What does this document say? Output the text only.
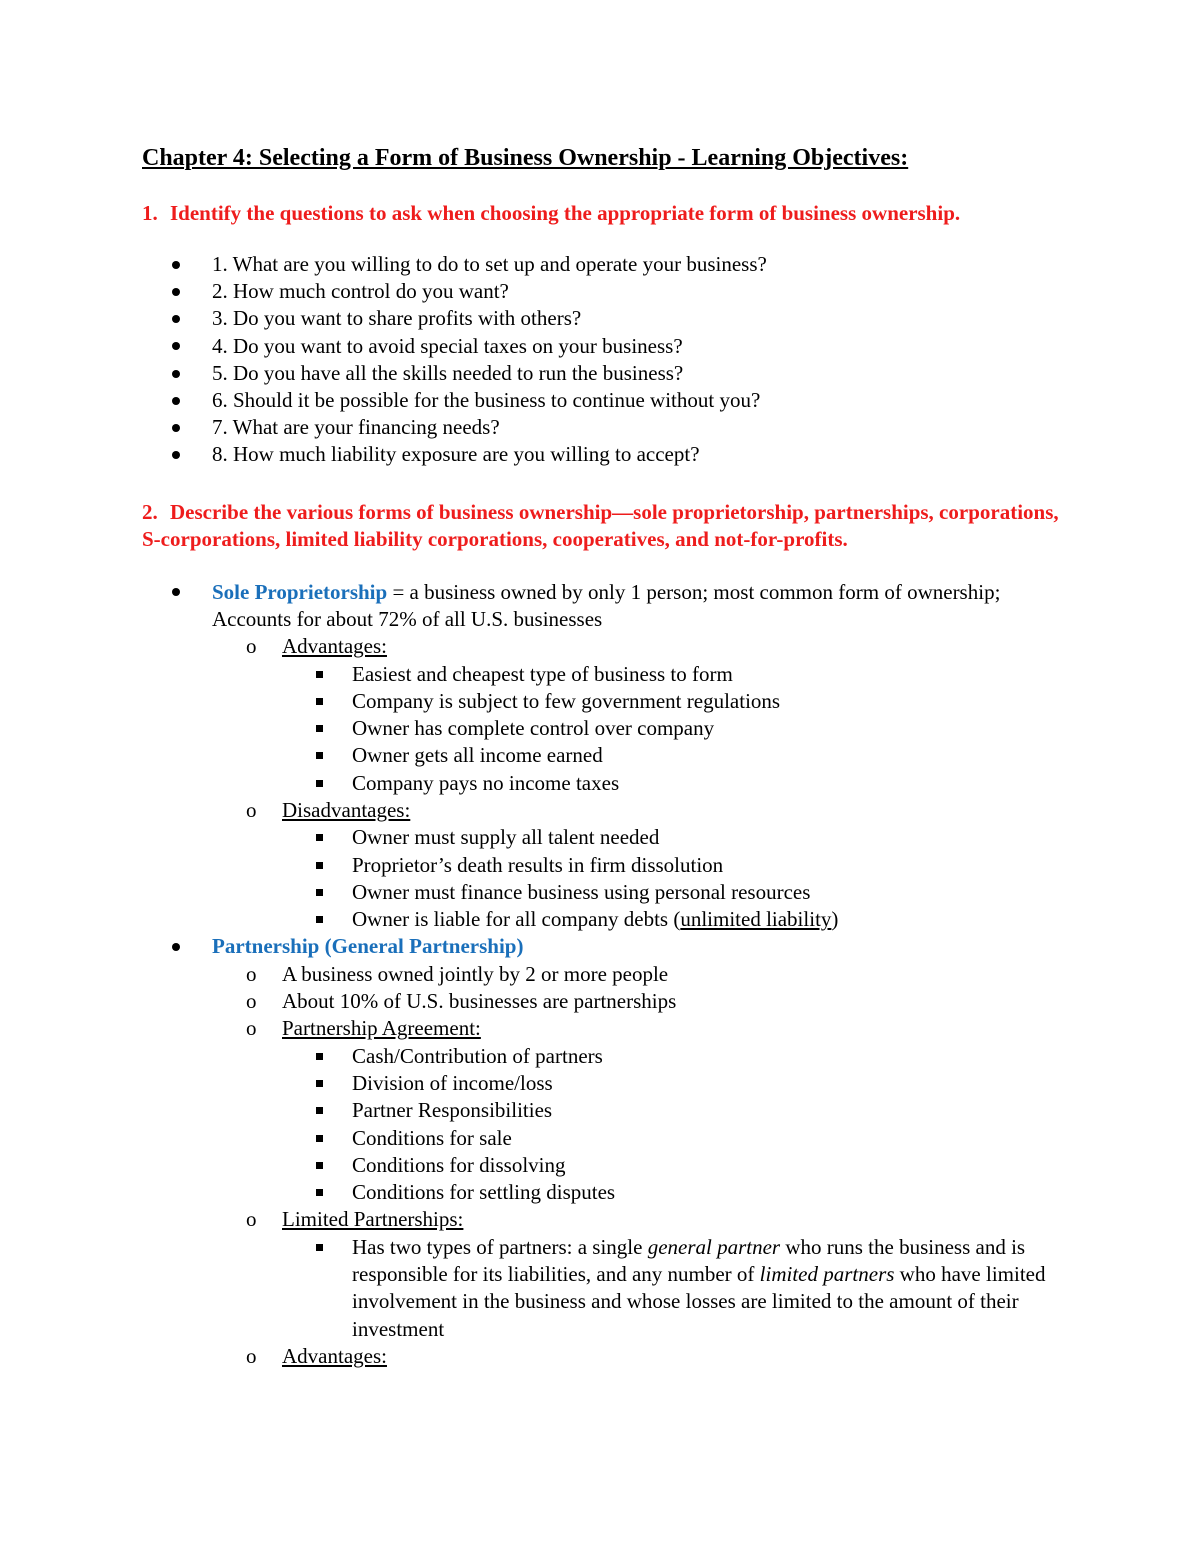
Chapter 4: Selecting a Form of Business Ownership - Learning Objectives:

1. Identify the questions to ask when choosing the appropriate form of business ownership.

1. What are you willing to do to set up and operate your business?
2. How much control do you want?
3. Do you want to share profits with others?
4. Do you want to avoid special taxes on your business?
5. Do you have all the skills needed to run the business?
6. Should it be possible for the business to continue without you?
7. What are your financing needs?
8. How much liability exposure are you willing to accept?

2. Describe the various forms of business ownership—sole proprietorship, partnerships, corporations, S-corporations, limited liability corporations, cooperatives, and not-for-profits.

Sole Proprietorship = a business owned by only 1 person; most common form of ownership; Accounts for about 72% of all U.S. businesses
o Advantages:
Easiest and cheapest type of business to form
Company is subject to few government regulations
Owner has complete control over company
Owner gets all income earned
Company pays no income taxes
o Disadvantages:
Owner must supply all talent needed
Proprietor’s death results in firm dissolution
Owner must finance business using personal resources
Owner is liable for all company debts (unlimited liability)
Partnership (General Partnership)
o A business owned jointly by 2 or more people
o About 10% of U.S. businesses are partnerships
o Partnership Agreement:
Cash/Contribution of partners
Division of income/loss
Partner Responsibilities
Conditions for sale
Conditions for dissolving
Conditions for settling disputes
o Limited Partnerships:
Has two types of partners: a single general partner who runs the business and is responsible for its liabilities, and any number of limited partners who have limited involvement in the business and whose losses are limited to the amount of their investment
o Advantages:
